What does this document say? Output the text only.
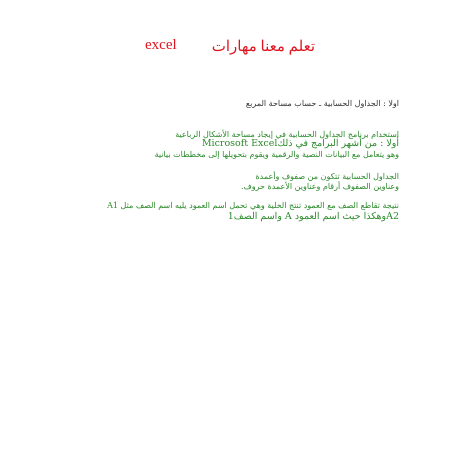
excel تعلم معنا مهارات
اولا : الجداول الحسابية ـ حساب مساحة المربع
استخدام برنامج الجداول الحسابية في إيجاد مساحة الأشكال الرباعية
أولا : من أشهر البرامج في ذلكMicrosoft Excel
وهو يتعامل مع البيانات النصية والرقمية ويقوم بتحويلها إلى مخططات بيانية
الجداول الحسابية تتكون من صفوف وأعمدة
وعناوين الصفوف أرقام وعناوين الأعمدة حروف.
نتيجة تقاطع الصف مع العمود تنتج الخلية وهي تحمل اسم العمود يليه اسم الصف مثل A1
A2وهكذا حيث اسم العمود A واسم الصف1
